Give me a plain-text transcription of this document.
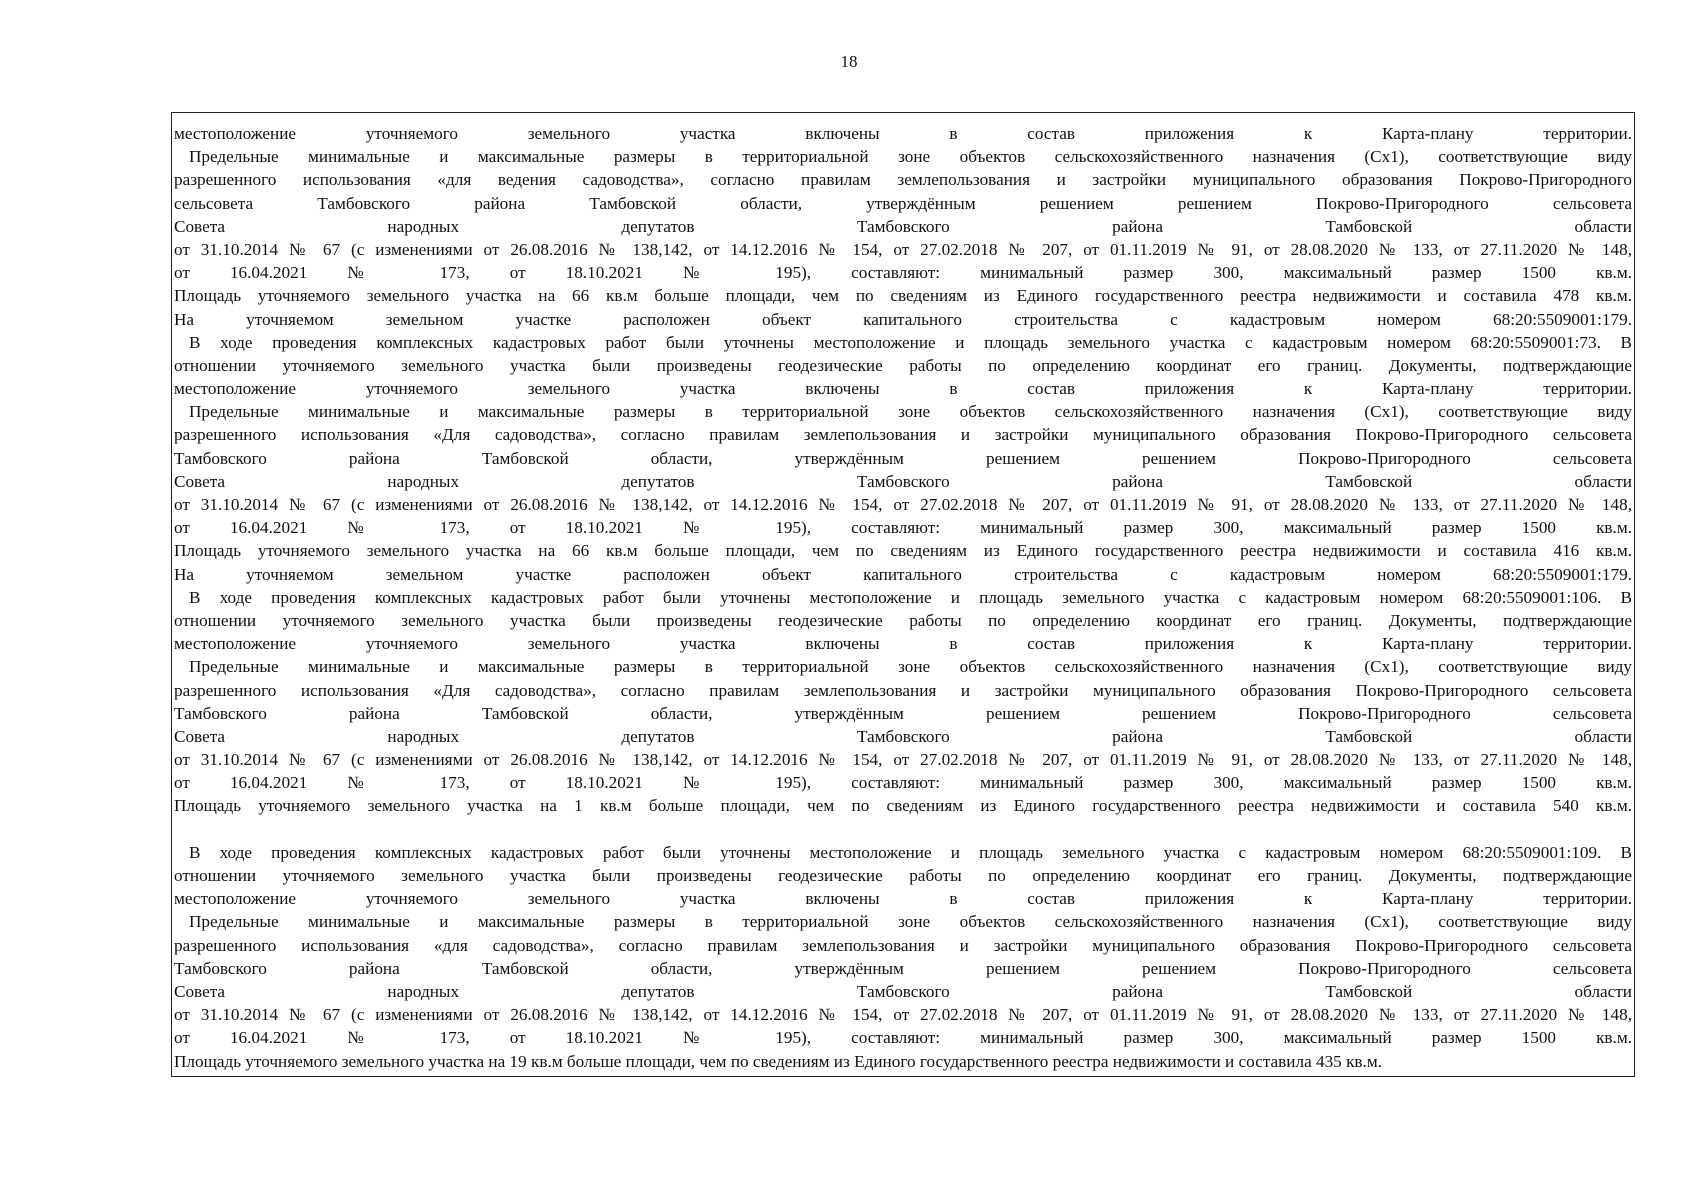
18
местоположение уточняемого земельного участка включены в состав приложения к Карта-плану территории.
Предельные минимальные и максимальные размеры в территориальной зоне объектов сельскохозяйственного назначения (Сх1), соответствующие виду
разрешенного использования «для ведения садоводства», согласно правилам землепользования и застройки муниципального образования Покрово-Пригородного
сельсовета Тамбовского района Тамбовской области, утверждённым решением решением Покрово-Пригородного сельсовета
Совета народных депутатов Тамбовского района Тамбовской области
от 31.10.2014 № 67 (с изменениями от 26.08.2016 № 138,142, от 14.12.2016 № 154, от 27.02.2018 № 207, от 01.11.2019 № 91, от 28.08.2020 № 133, от 27.11.2020 № 148,
от 16.04.2021 № 173, от 18.10.2021 № 195), составляют: минимальный размер 300, максимальный размер 1500 кв.м.
Площадь уточняемого земельного участка на 66 кв.м больше площади, чем по сведениям из Единого государственного реестра недвижимости и составила 478 кв.м.
На уточняемом земельном участке расположен объект капитального строительства с кадастровым номером 68:20:5509001:179.
В ходе проведения комплексных кадастровых работ были уточнены местоположение и площадь земельного участка с кадастровым номером 68:20:5509001:73. В
отношении уточняемого земельного участка были произведены геодезические работы по определению координат его границ. Документы, подтверждающие
местоположение уточняемого земельного участка включены в состав приложения к Карта-плану территории.
Предельные минимальные и максимальные размеры в территориальной зоне объектов сельскохозяйственного назначения (Сх1), соответствующие виду
разрешенного использования «Для садоводства», согласно правилам землепользования и застройки муниципального образования Покрово-Пригородного сельсовета
Тамбовского района Тамбовской области, утверждённым решением решением Покрово-Пригородного сельсовета
Совета народных депутатов Тамбовского района Тамбовской области
от 31.10.2014 № 67 (с изменениями от 26.08.2016 № 138,142, от 14.12.2016 № 154, от 27.02.2018 № 207, от 01.11.2019 № 91, от 28.08.2020 № 133, от 27.11.2020 № 148,
от 16.04.2021 № 173, от 18.10.2021 № 195), составляют: минимальный размер 300, максимальный размер 1500 кв.м.
Площадь уточняемого земельного участка на 66 кв.м больше площади, чем по сведениям из Единого государственного реестра недвижимости и составила 416 кв.м.
На уточняемом земельном участке расположен объект капитального строительства с кадастровым номером 68:20:5509001:179.
В ходе проведения комплексных кадастровых работ были уточнены местоположение и площадь земельного участка с кадастровым номером 68:20:5509001:106. В
отношении уточняемого земельного участка были произведены геодезические работы по определению координат его границ. Документы, подтверждающие
местоположение уточняемого земельного участка включены в состав приложения к Карта-плану территории.
Предельные минимальные и максимальные размеры в территориальной зоне объектов сельскохозяйственного назначения (Сх1), соответствующие виду
разрешенного использования «Для садоводства», согласно правилам землепользования и застройки муниципального образования Покрово-Пригородного сельсовета
Тамбовского района Тамбовской области, утверждённым решением решением Покрово-Пригородного сельсовета
Совета народных депутатов Тамбовского района Тамбовской области
от 31.10.2014 № 67 (с изменениями от 26.08.2016 № 138,142, от 14.12.2016 № 154, от 27.02.2018 № 207, от 01.11.2019 № 91, от 28.08.2020 № 133, от 27.11.2020 № 148,
от 16.04.2021 № 173, от 18.10.2021 № 195), составляют: минимальный размер 300, максимальный размер 1500 кв.м.
Площадь уточняемого земельного участка на 1 кв.м больше площади, чем по сведениям из Единого государственного реестра недвижимости и составила 540 кв.м.
В ходе проведения комплексных кадастровых работ были уточнены местоположение и площадь земельного участка с кадастровым номером 68:20:5509001:109. В
отношении уточняемого земельного участка были произведены геодезические работы по определению координат его границ. Документы, подтверждающие
местоположение уточняемого земельного участка включены в состав приложения к Карта-плану территории.
Предельные минимальные и максимальные размеры в территориальной зоне объектов сельскохозяйственного назначения (Сх1), соответствующие виду
разрешенного использования «для садоводства», согласно правилам землепользования и застройки муниципального образования Покрово-Пригородного сельсовета
Тамбовского района Тамбовской области, утверждённым решением решением Покрово-Пригородного сельсовета
Совета народных депутатов Тамбовского района Тамбовской области
от 31.10.2014 № 67 (с изменениями от 26.08.2016 № 138,142, от 14.12.2016 № 154, от 27.02.2018 № 207, от 01.11.2019 № 91, от 28.08.2020 № 133, от 27.11.2020 № 148,
от 16.04.2021 № 173, от 18.10.2021 № 195), составляют: минимальный размер 300, максимальный размер 1500 кв.м.
Площадь уточняемого земельного участка на 19 кв.м больше площади, чем по сведениям из Единого государственного реестра недвижимости и составила 435 кв.м.
